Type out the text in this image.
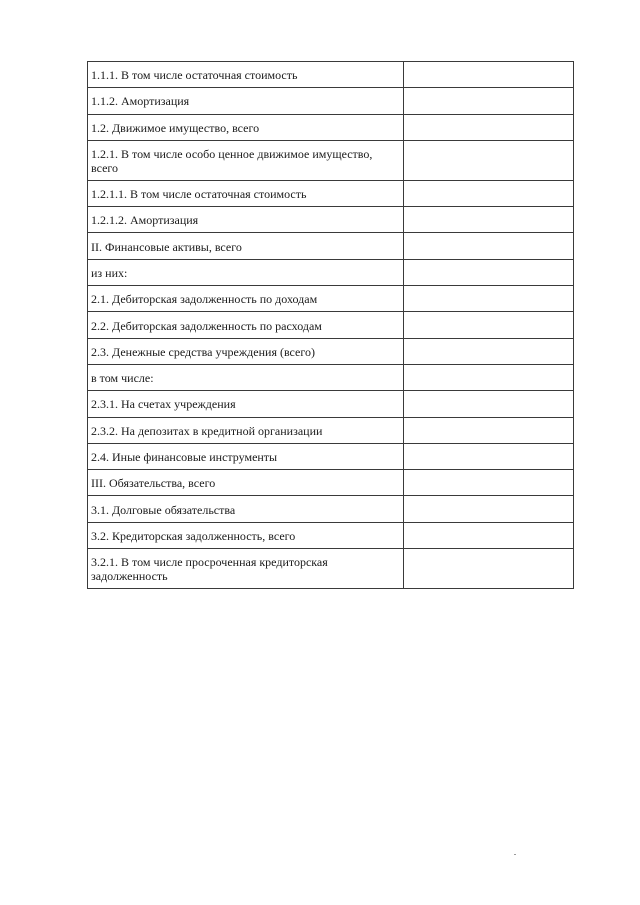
1.1.1. В том числе остаточная стоимость	
1.1.2. Амортизация	
1.2. Движимое имущество, всего	
1.2.1. В том числе особо ценное движимое имущество, всего	
1.2.1.1. В том числе остаточная стоимость	
1.2.1.2. Амортизация	
II. Финансовые активы, всего	
из них:	
2.1. Дебиторская задолженность по доходам	
2.2. Дебиторская задолженность по расходам	
2.3. Денежные средства учреждения (всего)	
в том числе:	
2.3.1. На счетах учреждения	
2.3.2. На депозитах в кредитной организации	
2.4. Иные финансовые инструменты	
III. Обязательства, всего	
3.1. Долговые обязательства	
3.2. Кредиторская задолженность, всего	
3.2.1. В том числе просроченная кредиторская задолженность	
